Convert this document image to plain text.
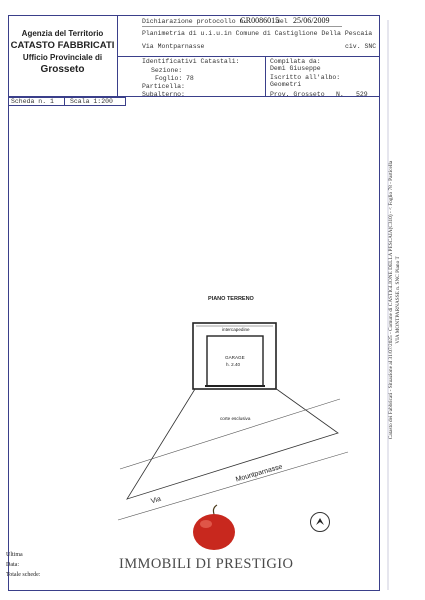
Agenzia del Territorio
CATASTO FABBRICATI
Ufficio Provinciale di
Grosseto
Dichiarazione protocollo n.
GR0086015
del 25/06/2009
Planimetria di u.i.u.in Comune di Castiglione Della Pescaia
Via Montparnasse	civ. SNC
Identificativi Catastali:
Sezione:
Foglio: 78
Particella:
Subalterno:
Compilata da:
Demi Giuseppe
Iscritto all'albo:
Geometri
Prov. Grosseto N. 529
Scheda n. 1 Scala 1:200
PIANO TERRENO
intercapedine
GARAGE
h. 2.40
corte esclusiva
Mountparnasse
Via
Catasto dei Fabbricati - Situazione al 31/07/2025 - Comune di CASTIGLIONE DELLA PESCAIA(C310) - < Foglio 78 - Particella VIA MONTPARNASSE n. SNC Piano T
Ultima
Data:
Totale schede:
IMMOBILI DI PRESTIGIO
